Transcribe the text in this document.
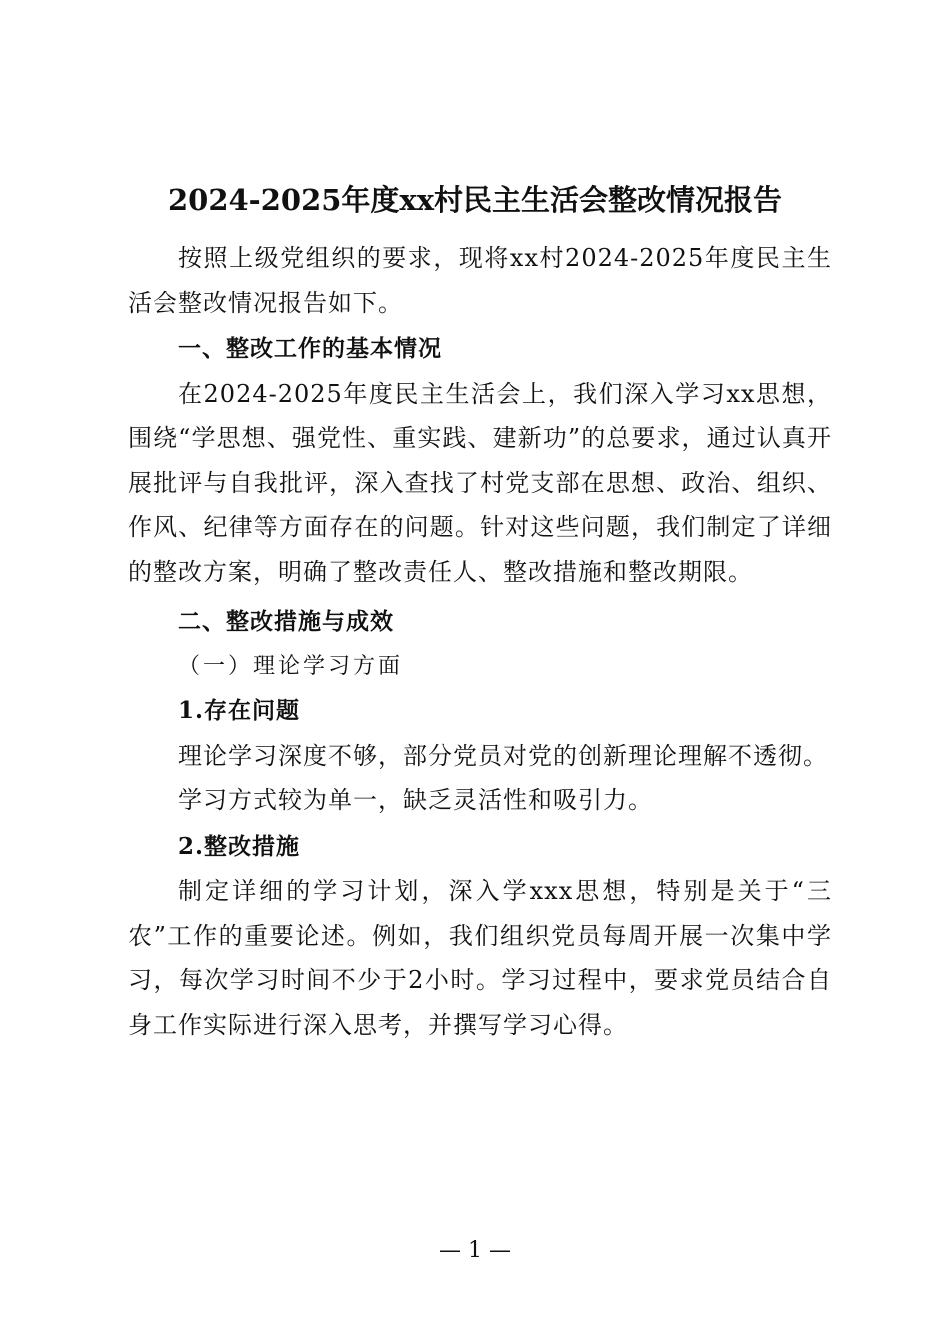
2024-2025年度xx村民主生活会整改情况报告

按照上级党组织的要求，现将xx村2024-2025年度民主生活会整改情况报告如下。

一、整改工作的基本情况

在2024-2025年度民主生活会上，我们深入学习xx思想，围绕“学思想、强党性、重实践、建新功”的总要求，通过认真开展批评与自我批评，深入查找了村党支部在思想、政治、组织、作风、纪律等方面存在的问题。针对这些问题，我们制定了详细的整改方案，明确了整改责任人、整改措施和整改期限。

二、整改措施与成效

（一）理论学习方面

1.存在问题

理论学习深度不够，部分党员对党的创新理论理解不透彻。

学习方式较为单一，缺乏灵活性和吸引力。

2.整改措施

制定详细的学习计划，深入学xxx思想，特别是关于“三农”工作的重要论述。例如，我们组织党员每周开展一次集中学习，每次学习时间不少于2小时。学习过程中，要求党员结合自身工作实际进行深入思考，并撰写学习心得。

— 1 —
